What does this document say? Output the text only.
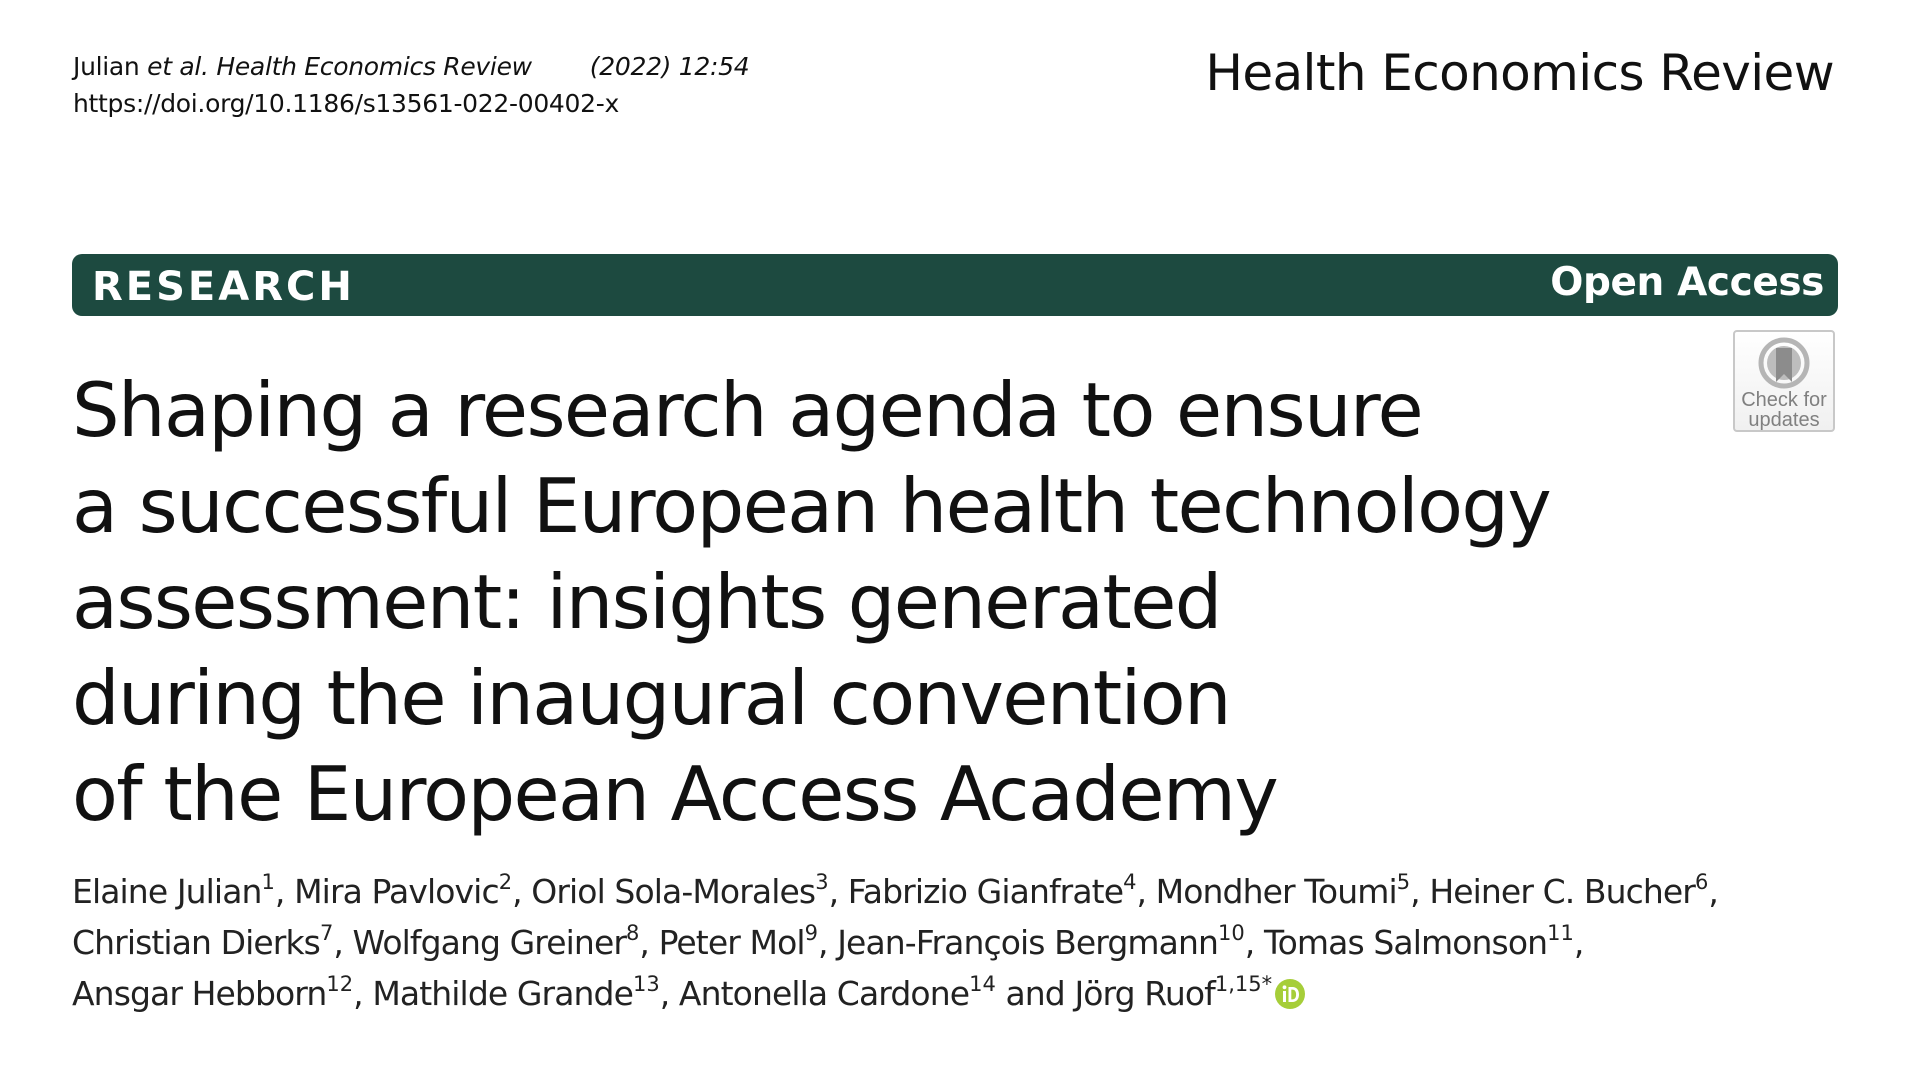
Julian et al. Health Economics Review (2022) 12:54
https://doi.org/10.1186/s13561-022-00402-x
Health Economics Review
RESEARCH	Open Access
Check for
updates
Shaping a research agenda to ensure
a successful European health technology
assessment: insights generated
during the inaugural convention
of the European Access Academy
Elaine Julian$^1$, Mira Pavlovic$^2$, Oriol Sola-Morales$^3$, Fabrizio Gianfrate$^4$, Mondher Toumi$^5$, Heiner C. Bucher$^6$,
Christian Dierks$^7$, Wolfgang Greiner$^8$, Peter Mol$^9$, Jean-François Bergmann$^{10}$, Tomas Salmonson$^{11}$,
Ansgar Hebborn$^{12}$, Mathilde Grande$^{13}$, Antonella Cardone$^{14}$ and Jörg Ruof$^{1,15*}$
